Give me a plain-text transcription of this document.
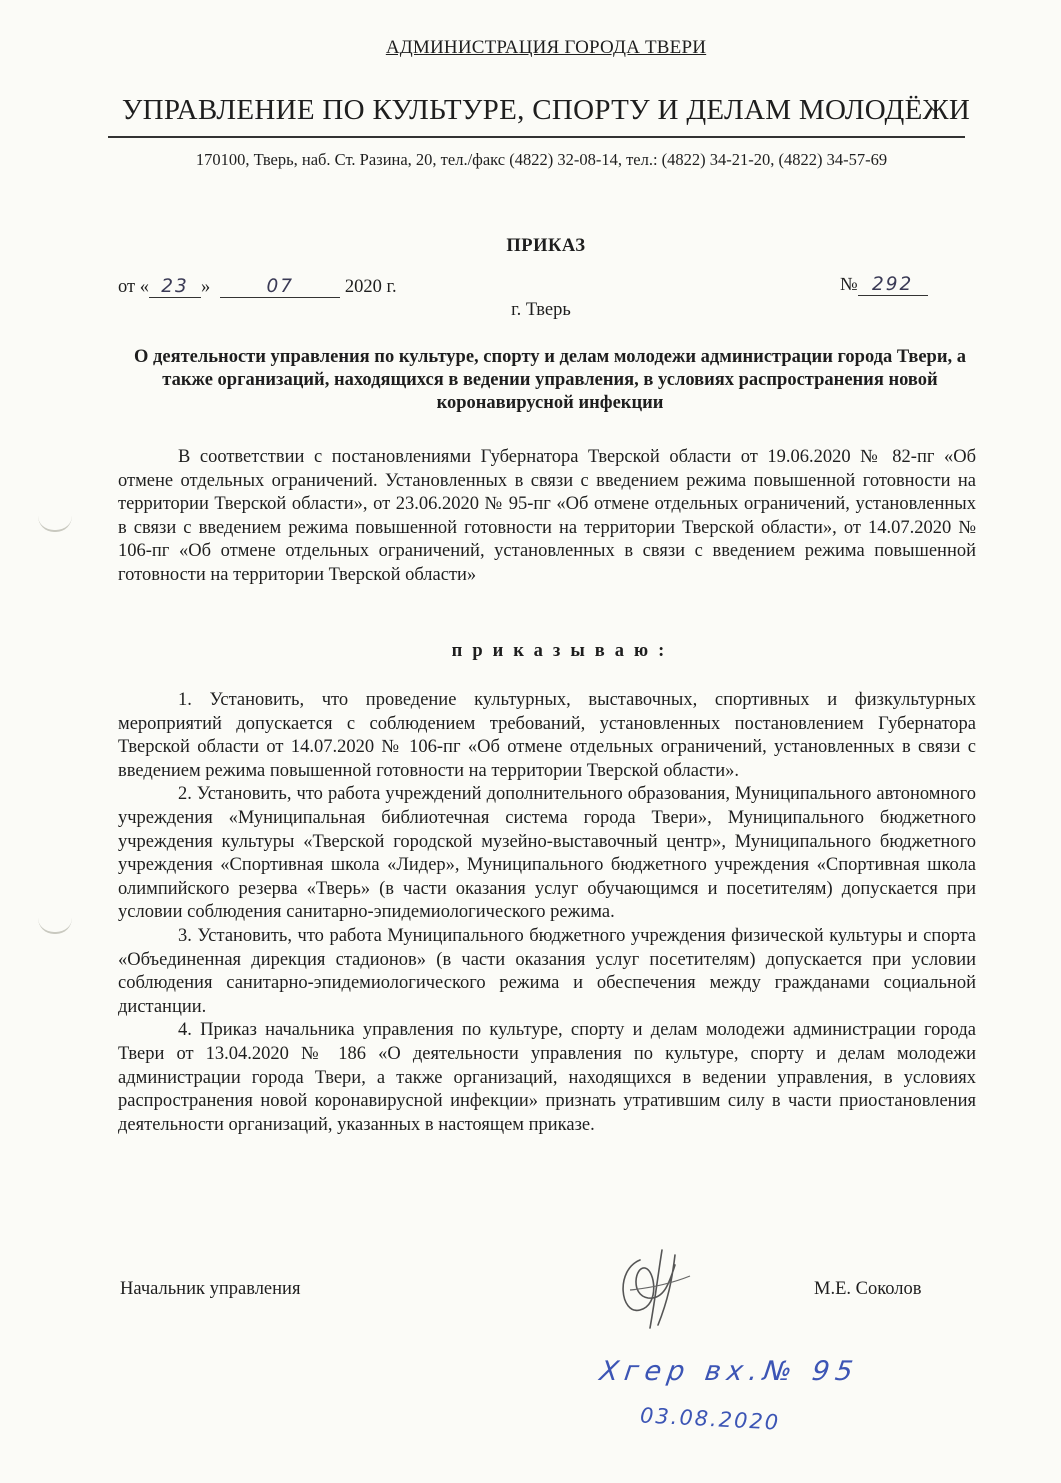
АДМИНИСТРАЦИЯ ГОРОДА ТВЕРИ
УПРАВЛЕНИЕ ПО КУЛЬТУРЕ, СПОРТУ И ДЕЛАМ МОЛОДЁЖИ
170100, Тверь, наб. Ст. Разина, 20, тел./факс (4822) 32-08-14, тел.: (4822) 34-21-20, (4822) 34-57-69
ПРИКАЗ
от « 23 »	07	2020 г.	№ 292
г. Тверь
О деятельности управления по культуре, спорту и делам молодежи администрации города Твери, а также организаций, находящихся в ведении управления, в условиях распространения новой коронавирусной инфекции
В соответствии с постановлениями Губернатора Тверской области от 19.06.2020 № 82-пг «Об отмене отдельных ограничений. Установленных в связи с введением режима повышенной готовности на территории Тверской области», от 23.06.2020 № 95-пг «Об отмене отдельных ограничений, установленных в связи с введением режима повышенной готовности на территории Тверской области», от 14.07.2020 № 106-пг «Об отмене отдельных ограничений, установленных в связи с введением режима повышенной готовности на территории Тверской области»
приказываю:

1. Установить, что проведение культурных, выставочных, спортивных и физкультурных мероприятий допускается с соблюдением требований, установленных постановлением Губернатора Тверской области от 14.07.2020 № 106-пг «Об отмене отдельных ограничений, установленных в связи с введением режима повышенной готовности на территории Тверской области».

2. Установить, что работа учреждений дополнительного образования, Муниципального автономного учреждения «Муниципальная библиотечная система города Твери», Муниципального бюджетного учреждения культуры «Тверской городской музейно-выставочный центр», Муниципального бюджетного учреждения «Спортивная школа «Лидер», Муниципального бюджетного учреждения «Спортивная школа олимпийского резерва «Тверь» (в части оказания услуг обучающимся и посетителям) допускается при условии соблюдения санитарно-эпидемиологического режима.

3. Установить, что работа Муниципального бюджетного учреждения физической культуры и спорта «Объединенная дирекция стадионов» (в части оказания услуг посетителям) допускается при условии соблюдения санитарно-эпидемиологического режима и обеспечения между гражданами социальной дистанции.

4. Приказ начальника управления по культуре, спорту и делам молодежи администрации города Твери от 13.04.2020 № 186 «О деятельности управления по культуре, спорту и делам молодежи администрации города Твери, а также организаций, находящихся в ведении управления, в условиях распространения новой коронавирусной инфекции» признать утратившим силу в части приостановления деятельности организаций, указанных в настоящем приказе.

Начальник управления	М.Е. Соколов
Хгер вх.№ 95
03.08.2020
